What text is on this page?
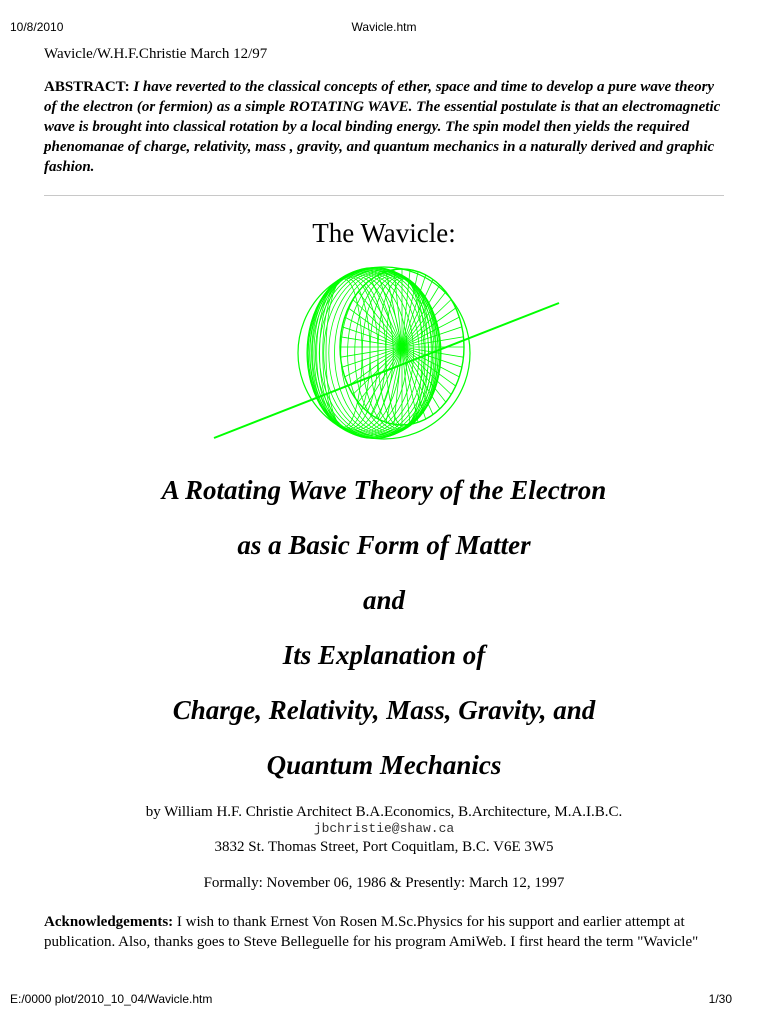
10/8/2010	Wavicle.htm

Wavicle/W.H.F.Christie March 12/97

ABSTRACT: I have reverted to the classical concepts of ether, space and time to develop a pure wave theory of the electron (or fermion) as a simple ROTATING WAVE. The essential postulate is that an electromagnetic wave is brought into classical rotation by a local binding energy. The spin model then yields the required phenomanae of charge, relativity, mass , gravity, and quantum mechanics in a naturally derived and graphic fashion.

The Wavicle:
A Rotating Wave Theory of the Electron
as a Basic Form of Matter
and
Its Explanation of
Charge, Relativity, Mass, Gravity, and
Quantum Mechanics
by William H.F. Christie Architect B.A.Economics, B.Architecture, M.A.I.B.C.
jbchristie@shaw.ca
3832 St. Thomas Street, Port Coquitlam, B.C. V6E 3W5
Formally: November 06, 1986 & Presently: March 12, 1997

Acknowledgements: I wish to thank Ernest Von Rosen M.Sc.Physics for his support and earlier attempt at publication. Also, thanks goes to Steve Belleguelle for his program AmiWeb. I first heard the term "Wavicle"

E:/0000 plot/2010_10_04/Wavicle.htm	1/30
